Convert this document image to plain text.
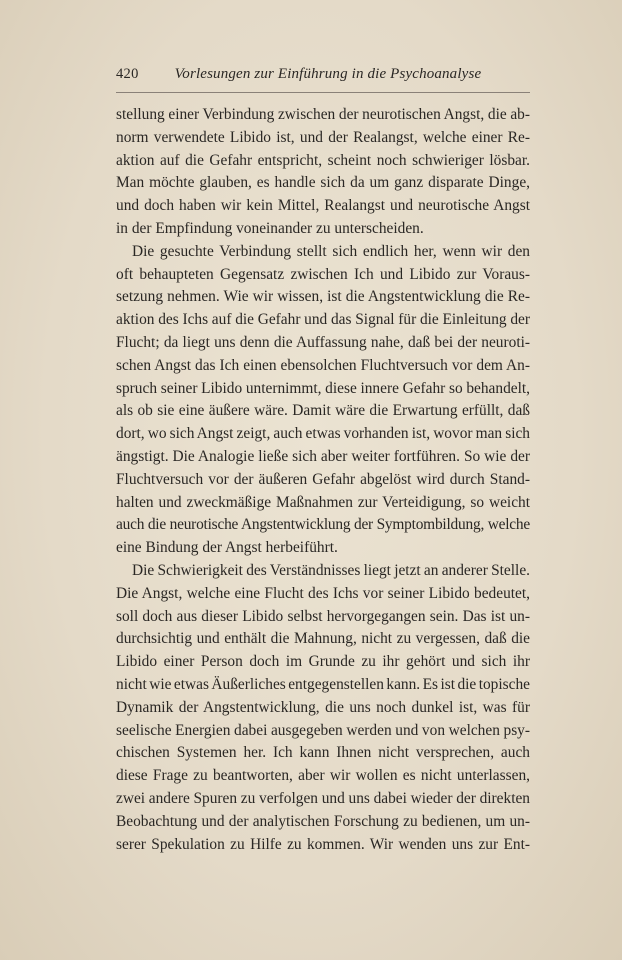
420 Vorlesungen zur Einführung in die Psychoanalyse
stellung einer Verbindung zwischen der neurotischen Angst, die ab-
norm verwendete Libido ist, und der Realangst, welche einer Re-
aktion auf die Gefahr entspricht, scheint noch schwieriger lösbar.
Man möchte glauben, es handle sich da um ganz disparate Dinge,
und doch haben wir kein Mittel, Realangst und neurotische Angst
in der Empfindung voneinander zu unterscheiden.
Die gesuchte Verbindung stellt sich endlich her, wenn wir den
oft behaupteten Gegensatz zwischen Ich und Libido zur Voraus-
setzung nehmen. Wie wir wissen, ist die Angstentwicklung die Re-
aktion des Ichs auf die Gefahr und das Signal für die Einleitung der
Flucht; da liegt uns denn die Auffassung nahe, daß bei der neuroti-
schen Angst das Ich einen ebensolchen Fluchtversuch vor dem An-
spruch seiner Libido unternimmt, diese innere Gefahr so behandelt,
als ob sie eine äußere wäre. Damit wäre die Erwartung erfüllt, daß
dort, wo sich Angst zeigt, auch etwas vorhanden ist, wovor man sich
ängstigt. Die Analogie ließe sich aber weiter fortführen. So wie der
Fluchtversuch vor der äußeren Gefahr abgelöst wird durch Stand-
halten und zweckmäßige Maßnahmen zur Verteidigung, so weicht
auch die neurotische Angstentwicklung der Symptombildung, welche
eine Bindung der Angst herbeiführt.
Die Schwierigkeit des Verständnisses liegt jetzt an anderer Stelle.
Die Angst, welche eine Flucht des Ichs vor seiner Libido bedeutet,
soll doch aus dieser Libido selbst hervorgegangen sein. Das ist un-
durchsichtig und enthält die Mahnung, nicht zu vergessen, daß die
Libido einer Person doch im Grunde zu ihr gehört und sich ihr
nicht wie etwas Äußerliches entgegenstellen kann. Es ist die topische
Dynamik der Angstentwicklung, die uns noch dunkel ist, was für
seelische Energien dabei ausgegeben werden und von welchen psy-
chischen Systemen her. Ich kann Ihnen nicht versprechen, auch
diese Frage zu beantworten, aber wir wollen es nicht unterlassen,
zwei andere Spuren zu verfolgen und uns dabei wieder der direkten
Beobachtung und der analytischen Forschung zu bedienen, um un-
serer Spekulation zu Hilfe zu kommen. Wir wenden uns zur Ent-
